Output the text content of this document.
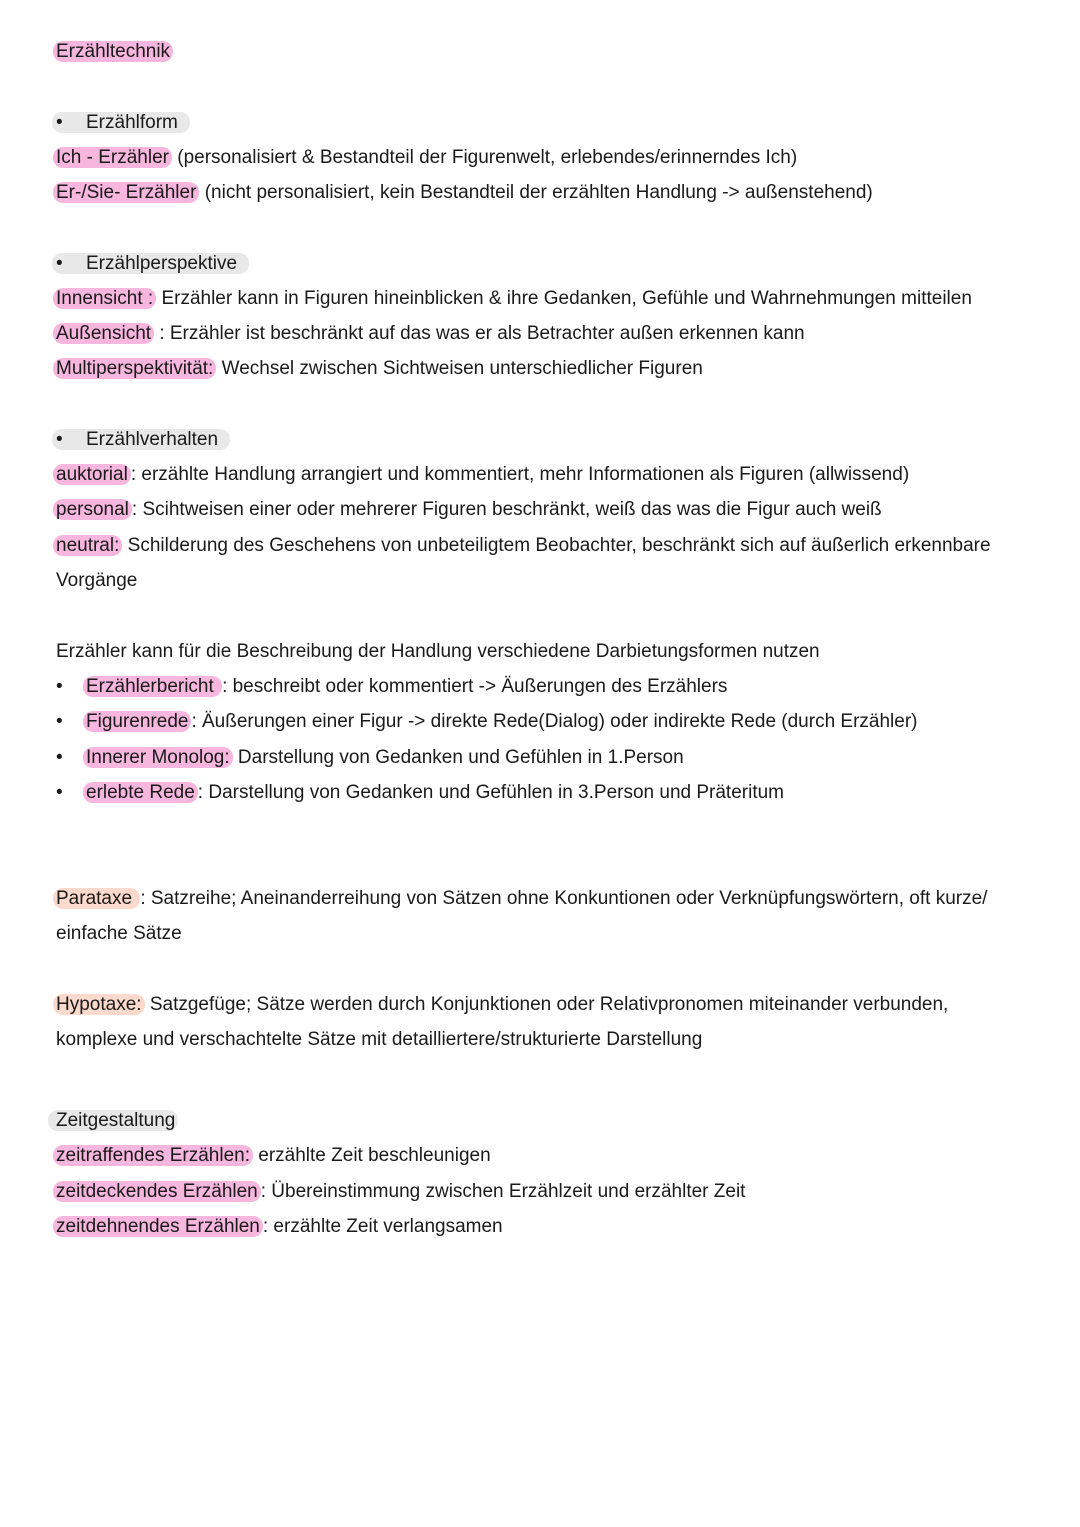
Erzähltechnik
• Erzählform
Ich - Erzähler (personalisiert & Bestandteil der Figurenwelt, erlebendes/erinnerndes Ich)
Er-/Sie- Erzähler (nicht personalisiert, kein Bestandteil der erzählten Handlung -> außenstehend)
• Erzählperspektive
Innensicht : Erzähler kann in Figuren hineinblicken & ihre Gedanken, Gefühle und Wahrnehmungen mitteilen
Außensicht : Erzähler ist beschränkt auf das was er als Betrachter außen erkennen kann
Multiperspektivität: Wechsel zwischen Sichtweisen unterschiedlicher Figuren
• Erzählverhalten
auktorial : erzählte Handlung arrangiert und kommentiert, mehr Informationen als Figuren (allwissend)
personal : Scihtweisen einer oder mehrerer Figuren beschränkt, weiß das was die Figur auch weiß
neutral: Schilderung des Geschehens von unbeteiligtem Beobachter, beschränkt sich auf äußerlich erkennbare
Vorgänge
Erzähler kann für die Beschreibung der Handlung verschiedene Darbietungsformen nutzen
• Erzählerbericht : beschreibt oder kommentiert -> Äußerungen des Erzählers
• Figurenrede : Äußerungen einer Figur -> direkte Rede(Dialog) oder indirekte Rede (durch Erzähler)
• Innerer Monolog: Darstellung von Gedanken und Gefühlen in 1.Person
• erlebte Rede : Darstellung von Gedanken und Gefühlen in 3.Person und Präteritum
Parataxe : Satzreihe; Aneinanderreihung von Sätzen ohne Konkuntionen oder Verknüpfungswörtern, oft kurze/
einfache Sätze
Hypotaxe: Satzgefüge; Sätze werden durch Konjunktionen oder Relativpronomen miteinander verbunden,
komplexe und verschachtelte Sätze mit detailliertere/strukturierte Darstellung
Zeitgestaltung
zeitraffendes Erzählen: erzählte Zeit beschleunigen
zeitdeckendes Erzählen : Übereinstimmung zwischen Erzählzeit und erzählter Zeit
zeitdehnendes Erzählen : erzählte Zeit verlangsamen
